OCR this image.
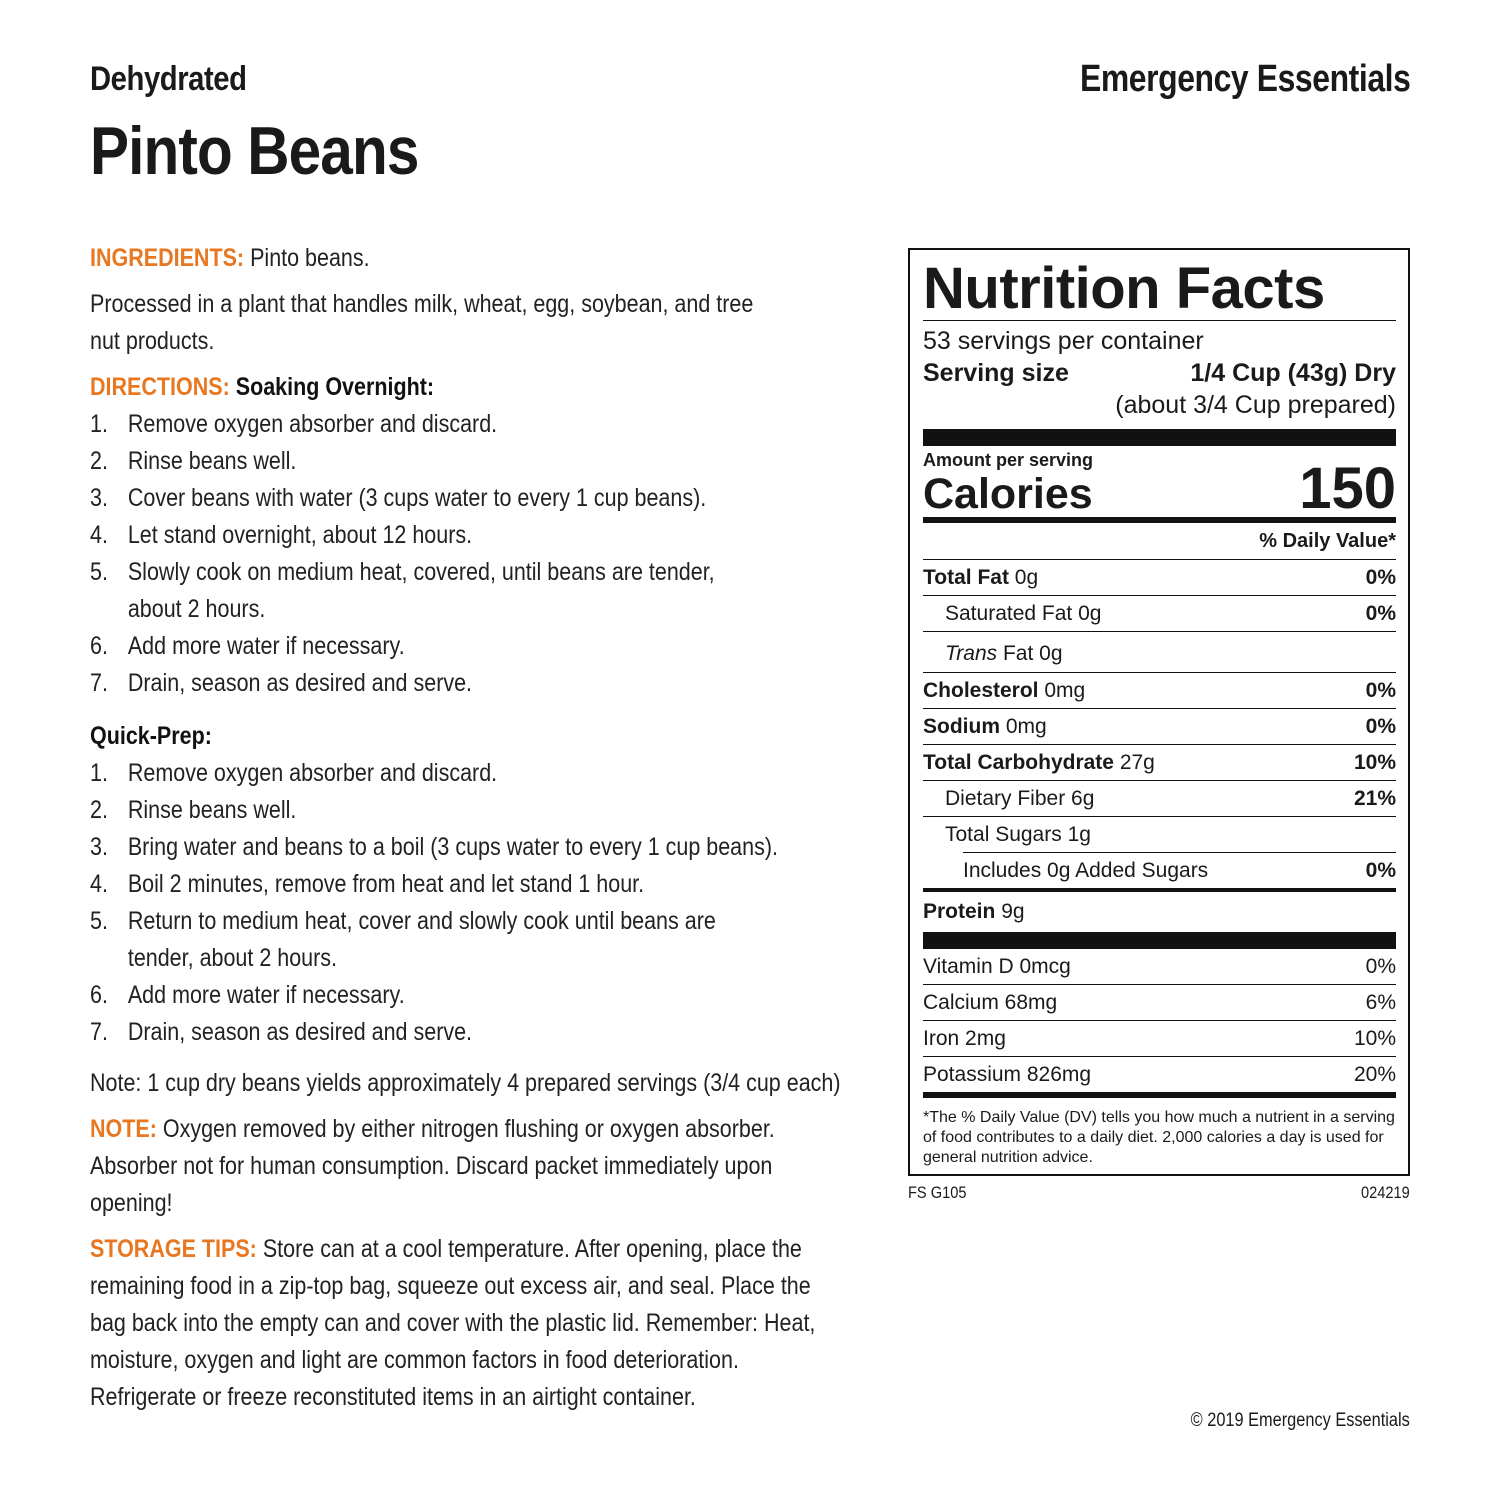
Dehydrated
Pinto Beans
Emergency Essentials

INGREDIENTS: Pinto beans.

Processed in a plant that handles milk, wheat, egg, soybean, and tree nut products.

DIRECTIONS: Soaking Overnight:

1. Remove oxygen absorber and discard.
2. Rinse beans well.
3. Cover beans with water (3 cups water to every 1 cup beans).
4. Let stand overnight, about 12 hours.
5. Slowly cook on medium heat, covered, until beans are tender, about 2 hours.
6. Add more water if necessary.
7. Drain, season as desired and serve.

Quick-Prep:

1. Remove oxygen absorber and discard.
2. Rinse beans well.
3. Bring water and beans to a boil (3 cups water to every 1 cup beans).
4. Boil 2 minutes, remove from heat and let stand 1 hour.
5. Return to medium heat, cover and slowly cook until beans are tender, about 2 hours.
6. Add more water if necessary.
7. Drain, season as desired and serve.

Note: 1 cup dry beans yields approximately 4 prepared servings (3/4 cup each)

NOTE: Oxygen removed by either nitrogen flushing or oxygen absorber. Absorber not for human consumption. Discard packet immediately upon opening!

STORAGE TIPS: Store can at a cool temperature. After opening, place the remaining food in a zip-top bag, squeeze out excess air, and seal. Place the bag back into the empty can and cover with the plastic lid. Remember: Heat, moisture, oxygen and light are common factors in food deterioration. Refrigerate or freeze reconstituted items in an airtight container.

Nutrition Facts
53 servings per container
Serving size	1/4 Cup (43g) Dry
(about 3/4 Cup prepared)
Amount per serving
Calories	150
% Daily Value*
Total Fat 0g	0%
Saturated Fat 0g	0%
Trans Fat 0g
Cholesterol 0mg	0%
Sodium 0mg	0%
Total Carbohydrate 27g	10%
Dietary Fiber 6g	21%
Total Sugars 1g
Includes 0g Added Sugars	0%
Protein 9g
Vitamin D 0mcg	0%
Calcium 68mg	6%
Iron 2mg	10%
Potassium 826mg	20%
*The % Daily Value (DV) tells you how much a nutrient in a serving of food contributes to a daily diet. 2,000 calories a day is used for general nutrition advice.
FS G105	024219
© 2019 Emergency Essentials
